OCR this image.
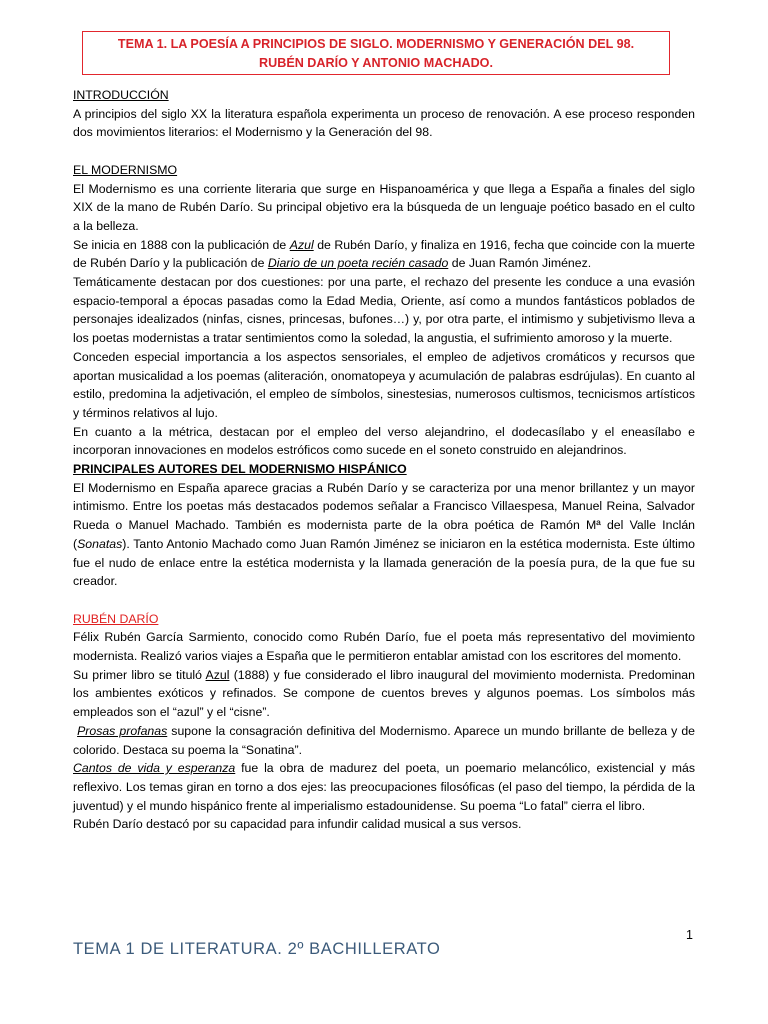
TEMA 1. LA POESÍA A PRINCIPIOS DE SIGLO. MODERNISMO Y GENERACIÓN DEL 98.
RUBÉN DARÍO Y ANTONIO MACHADO.
INTRODUCCIÓN

A principios del siglo XX la literatura española experimenta un proceso de renovación. A ese proceso responden dos movimientos literarios: el Modernismo y la Generación del 98.

EL MODERNISMO

El Modernismo es una corriente literaria que surge en Hispanoamérica y que llega a España a finales del siglo XIX de la mano de Rubén Darío. Su principal objetivo era la búsqueda de un lenguaje poético basado en el culto a la belleza.

Se inicia en 1888 con la publicación de Azul de Rubén Darío, y finaliza en 1916, fecha que coincide con la muerte de Rubén Darío y la publicación de Diario de un poeta recién casado de Juan Ramón Jiménez.

Temáticamente destacan por dos cuestiones: por una parte, el rechazo del presente les conduce a una evasión espacio-temporal a épocas pasadas como la Edad Media, Oriente, así como a mundos fantásticos poblados de personajes idealizados (ninfas, cisnes, princesas, bufones…) y, por otra parte, el intimismo y subjetivismo lleva a los poetas modernistas a tratar sentimientos como la soledad, la angustia, el sufrimiento amoroso y la muerte.

Conceden especial importancia a los aspectos sensoriales, el empleo de adjetivos cromáticos y recursos que aportan musicalidad a los poemas (aliteración, onomatopeya y acumulación de palabras esdrújulas). En cuanto al estilo, predomina la adjetivación, el empleo de símbolos, sinestesias, numerosos cultismos, tecnicismos artísticos y términos relativos al lujo.

En cuanto a la métrica, destacan por el empleo del verso alejandrino, el dodecasílabo y el eneasílabo e incorporan innovaciones en modelos estróficos como sucede en el soneto construido en alejandrinos.

PRINCIPALES AUTORES DEL MODERNISMO HISPÁNICO

El Modernismo en España aparece gracias a Rubén Darío y se caracteriza por una menor brillantez y un mayor intimismo. Entre los poetas más destacados podemos señalar a Francisco Villaespesa, Manuel Reina, Salvador Rueda o Manuel Machado. También es modernista parte de la obra poética de Ramón Mª del Valle Inclán (Sonatas). Tanto Antonio Machado como Juan Ramón Jiménez se iniciaron en la estética modernista. Este último fue el nudo de enlace entre la estética modernista y la llamada generación de la poesía pura, de la que fue su creador.

RUBÉN DARÍO

Félix Rubén García Sarmiento, conocido como Rubén Darío, fue el poeta más representativo del movimiento modernista. Realizó varios viajes a España que le permitieron entablar amistad con los escritores del momento.

Su primer libro se tituló Azul (1888) y fue considerado el libro inaugural del movimiento modernista. Predominan los ambientes exóticos y refinados. Se compone de cuentos breves y algunos poemas. Los símbolos más empleados son el “azul” y el “cisne”.

Prosas profanas supone la consagración definitiva del Modernismo. Aparece un mundo brillante de belleza y de colorido. Destaca su poema la “Sonatina”.

Cantos de vida y esperanza fue la obra de madurez del poeta, un poemario melancólico, existencial y más reflexivo. Los temas giran en torno a dos ejes: las preocupaciones filosóficas (el paso del tiempo, la pérdida de la juventud) y el mundo hispánico frente al imperialismo estadounidense. Su poema “Lo fatal” cierra el libro.

Rubén Darío destacó por su capacidad para infundir calidad musical a sus versos.

1
TEMA 1 DE LITERATURA. 2º BACHILLERATO
